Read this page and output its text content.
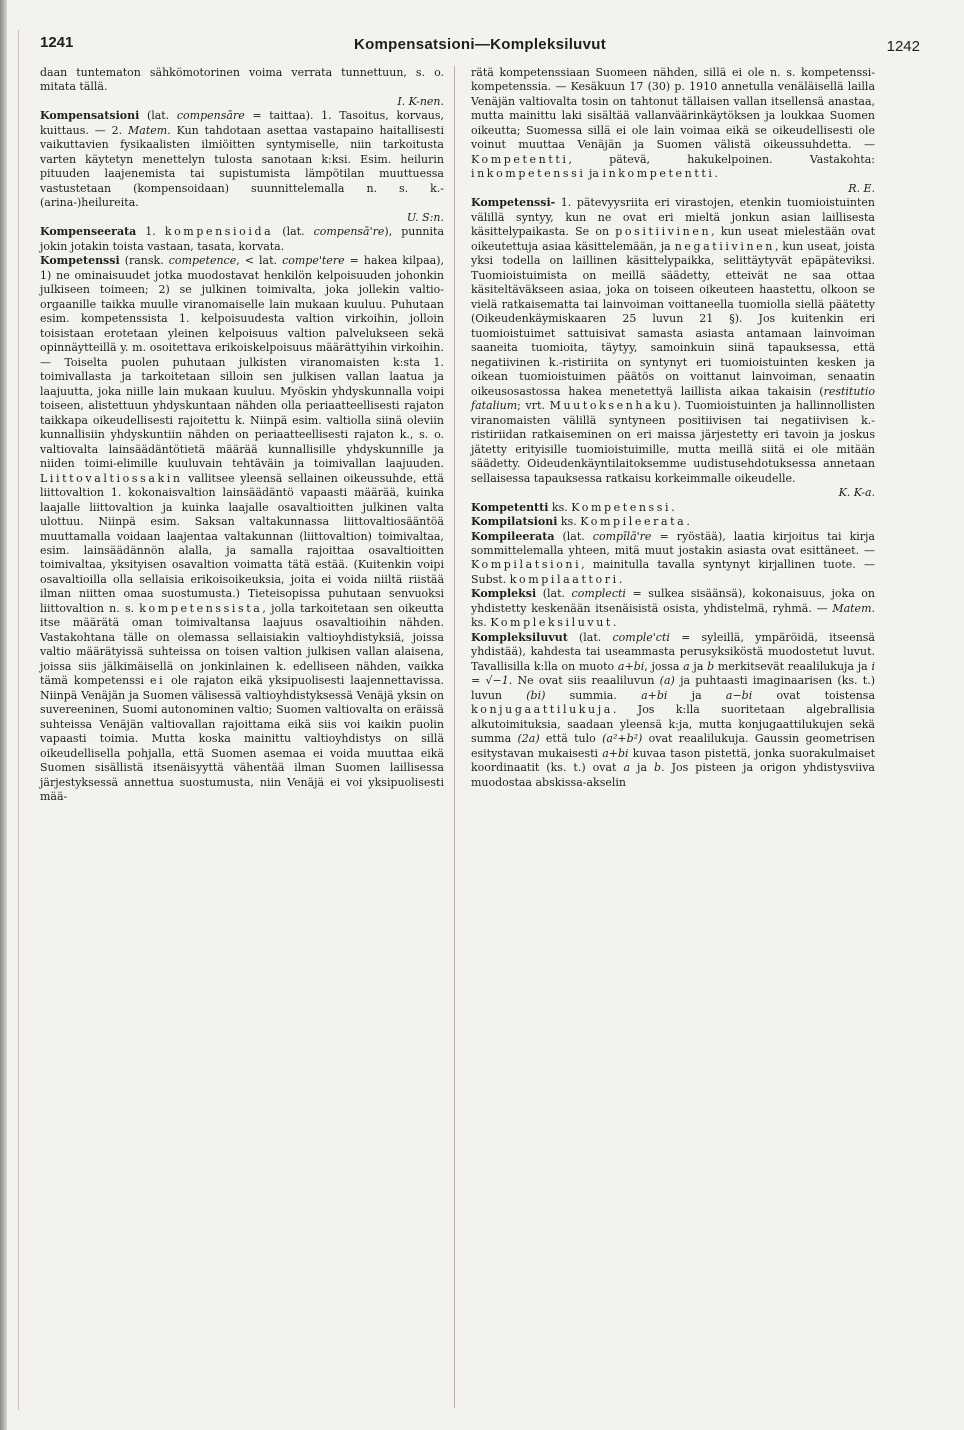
1241	Kompensatsioni—Kompleksiluvut	1242

daan tuntematon sähkömotorinen voima verrata tunnettuun, s. o. mitata tällä.

I. K-nen.

Kompensatsioni (lat. compensāre = taittaa). 1. Tasoitus, korvaus, kuittaus. — 2. Matem. Kun tahdotaan asettaa vastapaino haitallisesti vaikuttavien fysikaalisten ilmiöitten syntymiselle, niin tarkoitusta varten käytetyn menettelyn tulosta sanotaan k:ksi. Esim. heilurin pituuden laajenemista tai supistumista lämpötilan muuttuessa vastustetaan (kompensoidaan) suunnittelemalla n. s. k.-(arina-)heilureita.

U. S:n.

Kompenseerata 1. kompensioida (lat. compensā're), punnita jokin jotakin toista vastaan, tasata, korvata.

Kompetenssi (ransk. competence, < lat. compe'tere = hakea kilpaa), 1) ne ominaisuudet jotka muodostavat henkilön kelpoisuuden johonkin julkiseen toimeen; 2) se julkinen toimivalta, joka jollekin valtio-orgaanille taikka muulle viranomaiselle lain mukaan kuuluu. Puhutaan esim. kompetenssista 1. kelpoisuudesta valtion virkoihin, jolloin toisistaan erotetaan yleinen kelpoisuus valtion palvelukseen sekä opinnäytteillä y. m. osoitettava erikoiskelpoisuus määrättyihin virkoihin. — Toiselta puolen puhutaan julkisten viranomaisten k:sta 1. toimivallasta ja tarkoitetaan silloin sen julkisen vallan laatua ja laajuutta, joka niille lain mukaan kuuluu. Myöskin yhdyskunnalla voipi toiseen, alistettuun yhdyskuntaan nähden olla periaatteellisesti rajaton taikkapa oikeudellisesti rajoitettu k. Niinpä esim. valtiolla siinä oleviin kunnallisiin yhdyskuntiin nähden on periaatteellisesti rajaton k., s. o. valtiovalta lainsäädäntötietä määrää kunnallisille yhdyskunnille ja niiden toimi-elimille kuuluvain tehtäväin ja toimivallan laajuuden. Liittovaltiossakin vallitsee yleensä sellainen oikeussuhde, että liittovaltion 1. kokonaisvaltion lainsäädäntö vapaasti määrää, kuinka laajalle liittovaltion ja kuinka laajalle osavaltioitten julkinen valta ulottuu. Niinpä esim. Saksan valtakunnassa liittovaltiosääntöä muuttamalla voidaan laajentaa valtakunnan (liittovaltion) toimivaltaa, esim. lainsäädännön alalla, ja samalla rajoittaa osavaltioitten toimivaltaa, yksityisen osavaltion voimatta tätä estää. (Kuitenkin voipi osavaltioilla olla sellaisia erikoisoikeuksia, joita ei voida niiltä riistää ilman niitten omaa suostumusta.) Tieteisopissa puhutaan senvuoksi liittovaltion n. s. kompetenssista, jolla tarkoitetaan sen oikeutta itse määrätä oman toimivaltansa laajuus osavaltioihin nähden. Vastakohtana tälle on olemassa sellaisiakin valtioyhdistyksiä, joissa valtio määrätyissä suhteissa on toisen valtion julkisen vallan alaisena, joissa siis jälkimäisellä on jonkinlainen k. edelliseen nähden, vaikka tämä kompetenssi ei ole rajaton eikä yksipuolisesti laajennettavissa. Niinpä Venäjän ja Suomen välisessä valtioyhdistyksessä Venäjä yksin on suvereeninen, Suomi autonominen valtio; Suomen valtiovalta on eräissä suhteissa Venäjän valtiovallan rajoittama eikä siis voi kaikin puolin vapaasti toimia. Mutta koska mainittu valtioyhdistys on sillä oikeudellisella pohjalla, että Suomen asemaa ei voida muuttaa eikä Suomen sisällistä itsenäisyyttä vähentää ilman Suomen laillisessa järjestyksessä annettua suostumusta, niin Venäjä ei voi yksipuolisesti mää-

rätä kompetenssiaan Suomeen nähden, sillä ei ole n. s. kompetenssi-kompetenssia. — Kesäkuun 17 (30) p. 1910 annetulla venäläisellä lailla Venäjän valtiovalta tosin on tahtonut tällaisen vallan itsellensä anastaa, mutta mainittu laki sisältää vallanväärinkäytöksen ja loukkaa Suomen oikeutta; Suomessa sillä ei ole lain voimaa eikä se oikeudellisesti ole voinut muuttaa Venäjän ja Suomen välistä oikeussuhdetta. — Kompetentti, pätevä, hakukelpoinen. Vastakohta: inkompetenssi ja inkompetentti.

R. E.

Kompetenssi- 1. pätevyysriita eri virastojen, etenkin tuomioistuinten välillä syntyy, kun ne ovat eri mieltä jonkun asian laillisesta käsittelypaikasta. Se on positiivinen, kun useat mielestään ovat oikeutettuja asiaa käsittelemään, ja negatiivinen, kun useat, joista yksi todella on laillinen käsittelypaikka, selittäytyvät epäpäteviksi. Tuomioistuimista on meillä säädetty, etteivät ne saa ottaa käsiteltäväkseen asiaa, joka on toiseen oikeuteen haastettu, olkoon se vielä ratkaisematta tai lainvoiman voittaneella tuomiolla siellä päätetty (Oikeudenkäymiskaaren 25 luvun 21 §). Jos kuitenkin eri tuomioistuimet sattuisivat samasta asiasta antamaan lainvoiman saaneita tuomioita, täytyy, samoinkuin siinä tapauksessa, että negatiivinen k.-ristiriita on syntynyt eri tuomioistuinten kesken ja oikean tuomioistuimen päätös on voittanut lainvoiman, senaatin oikeusosastossa hakea menetettyä laillista aikaa takaisin (restitutio fatalium; vrt. Muutoksenhaku). Tuomioistuinten ja hallinnollisten viranomaisten välillä syntyneen positiivisen tai negatiivisen k.-ristiriidan ratkaiseminen on eri maissa järjestetty eri tavoin ja joskus jätetty erityisille tuomioistuimille, mutta meillä siitä ei ole mitään säädetty. Oideudenkäyntilaitoksemme uudistusehdotuksessa annetaan sellaisessa tapauksessa ratkaisu korkeimmalle oikeudelle.

K. K-a.

Kompetentti ks. Kompetenssi.

Kompilatsioni ks. Kompileerata.

Kompileerata (lat. compīlā're = ryöstää), laatia kirjoitus tai kirja sommittelemalla yhteen, mitä muut jostakin asiasta ovat esittäneet. — Kompilatsioni, mainitulla tavalla syntynyt kirjallinen tuote. — Subst. kompilaattori.

Kompleksi (lat. complecti = sulkea sisäänsä), kokonaisuus, joka on yhdistetty keskenään itsenäisistä osista, yhdistelmä, ryhmä. — Matem. ks. Kompleksiluvut.

Kompleksiluvut (lat. comple'cti = syleillä, ympäröidä, itseensä yhdistää), kahdesta tai useammasta perusyksiköstä muodostetut luvut. Tavallisilla k:lla on muoto a+bi, jossa a ja b merkitsevät reaalilukuja ja i = √−1. Ne ovat siis reaaliluvun (a) ja puhtaasti imaginaarisen (ks. t.) luvun (bi) summia. a+bi ja a−bi ovat toistensa konjugaattilukuja. Jos k:lla suoritetaan algebrallisia alkutoimituksia, saadaan yleensä k:ja, mutta konjugaattilukujen sekä summa (2a) että tulo (a²+b²) ovat reaalilukuja. Gaussin geometrisen esitystavan mukaisesti a+bi kuvaa tason pistettä, jonka suorakulmaiset koordinaatit (ks. t.) ovat a ja b. Jos pisteen ja origon yhdistysviiva muodostaa abskissa-akselin
